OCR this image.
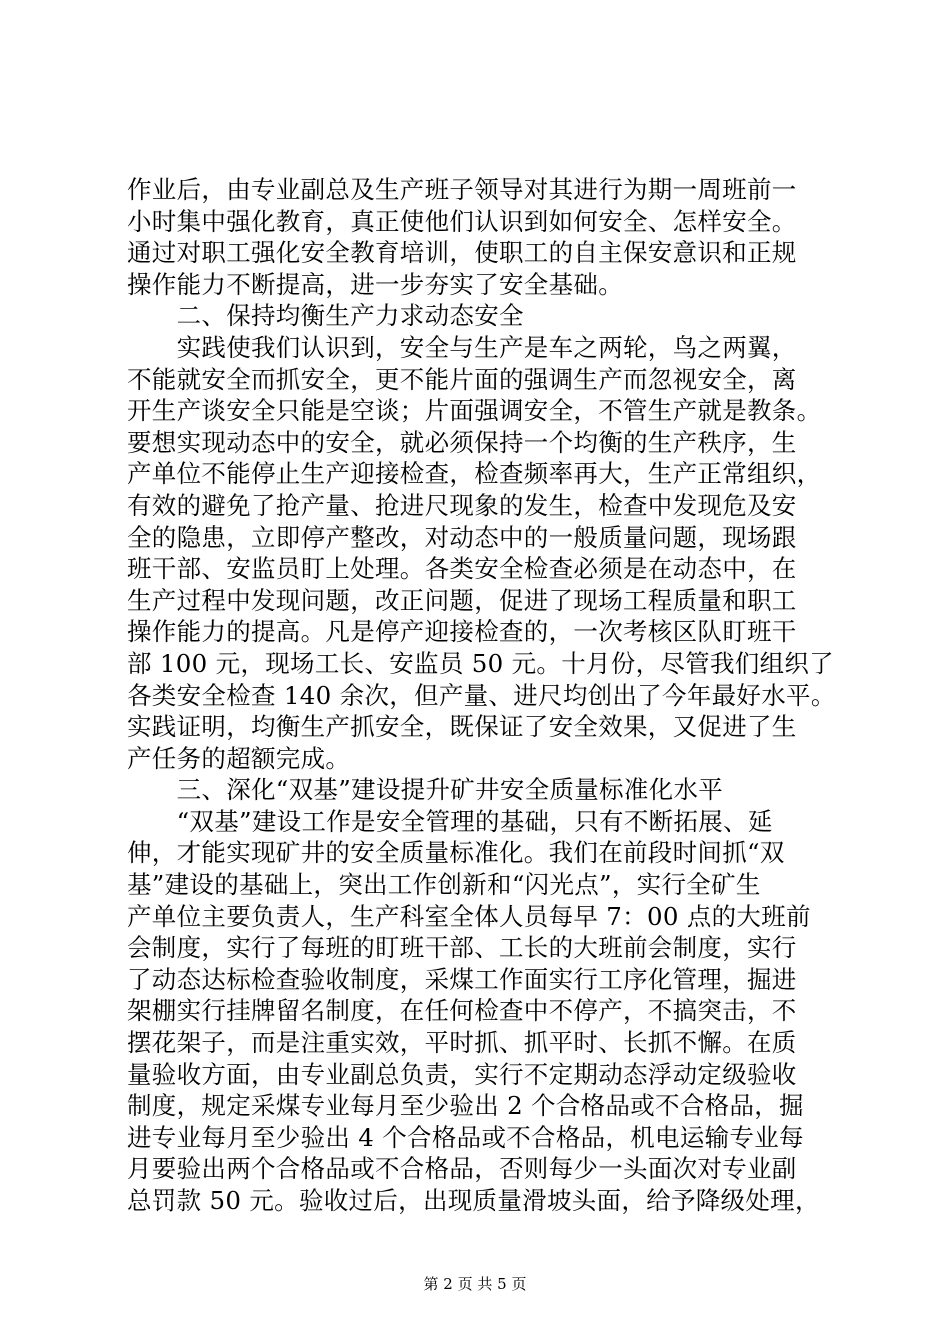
作业后，由专业副总及生产班子领导对其进行为期一周班前一
小时集中强化教育，真正使他们认识到如何安全、怎样安全。
通过对职工强化安全教育培训，使职工的自主保安意识和正规
操作能力不断提高，进一步夯实了安全基础。
　　二、保持均衡生产力求动态安全
　　实践使我们认识到，安全与生产是车之两轮，鸟之两翼，
不能就安全而抓安全，更不能片面的强调生产而忽视安全，离
开生产谈安全只能是空谈；片面强调安全，不管生产就是教条。
要想实现动态中的安全，就必须保持一个均衡的生产秩序，生
产单位不能停止生产迎接检查，检查频率再大，生产正常组织，
有效的避免了抢产量、抢进尺现象的发生，检查中发现危及安
全的隐患，立即停产整改，对动态中的一般质量问题，现场跟
班干部、安监员盯上处理。各类安全检查必须是在动态中，在
生产过程中发现问题，改正问题，促进了现场工程质量和职工
操作能力的提高。凡是停产迎接检查的，一次考核区队盯班干
部 100 元，现场工长、安监员 50 元。十月份，尽管我们组织了
各类安全检查 140 余次，但产量、进尺均创出了今年最好水平。
实践证明，均衡生产抓安全，既保证了安全效果，又促进了生
产任务的超额完成。
　　三、深化“双基”建设提升矿井安全质量标准化水平
　　“双基”建设工作是安全管理的基础，只有不断拓展、延
伸，才能实现矿井的安全质量标准化。我们在前段时间抓“双
基”建设的基础上，突出工作创新和“闪光点”，实行全矿生
产单位主要负责人，生产科室全体人员每早 7：00 点的大班前
会制度，实行了每班的盯班干部、工长的大班前会制度，实行
了动态达标检查验收制度，采煤工作面实行工序化管理，掘进
架棚实行挂牌留名制度，在任何检查中不停产，不搞突击，不
摆花架子，而是注重实效，平时抓、抓平时、长抓不懈。在质
量验收方面，由专业副总负责，实行不定期动态浮动定级验收
制度，规定采煤专业每月至少验出 2 个合格品或不合格品，掘
进专业每月至少验出 4 个合格品或不合格品，机电运输专业每
月要验出两个合格品或不合格品，否则每少一头面次对专业副
总罚款 50 元。验收过后，出现质量滑坡头面，给予降级处理，
第 2 页 共 5 页
